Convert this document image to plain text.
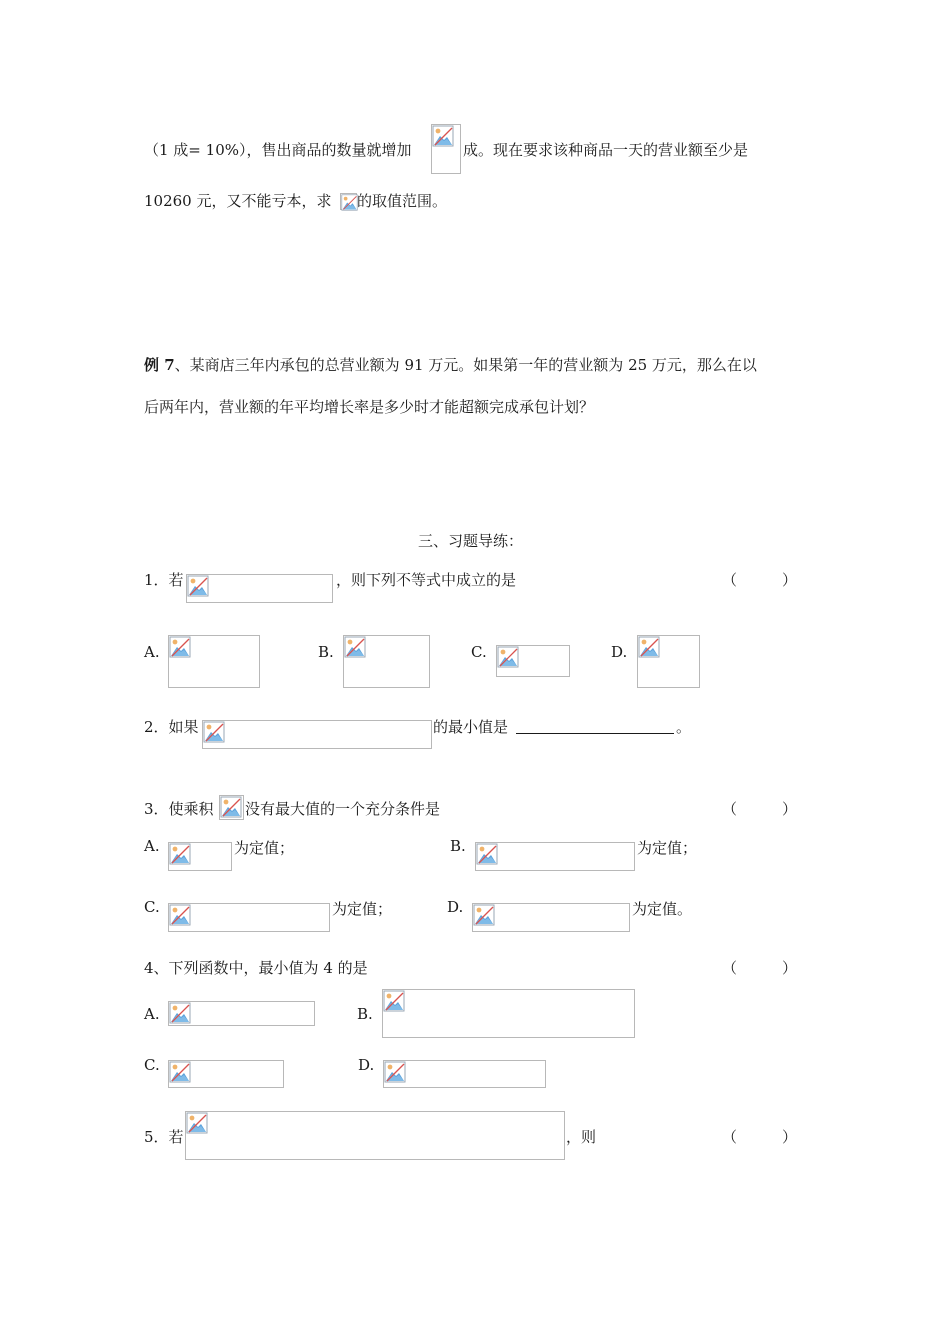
（1 成= 10%），售出商品的数量就增加	成。现在要求该种商品一天的营业额至少是
10260 元，又不能亏本，求 的取值范围。
例 7、某商店三年内承包的总营业额为 91 万元。如果第一年的营业额为 25 万元，那么在以
后两年内，营业额的年平均增长率是多少时才能超额完成承包计划？
三、习题导练：
1．若	，则下列不等式中成立的是	（　　　）
A.	B.	C.	D.
2．如果	的最小值是	。
3．使乘积 没有最大值的一个充分条件是	（　　　）
A.	为定值；	B.	为定值；
C.	为定值；	D.	为定值。
4、下列函数中，最小值为 4 的是	（　　　）
A.	B.
C.	D.
5．若	，则	（　　　）
